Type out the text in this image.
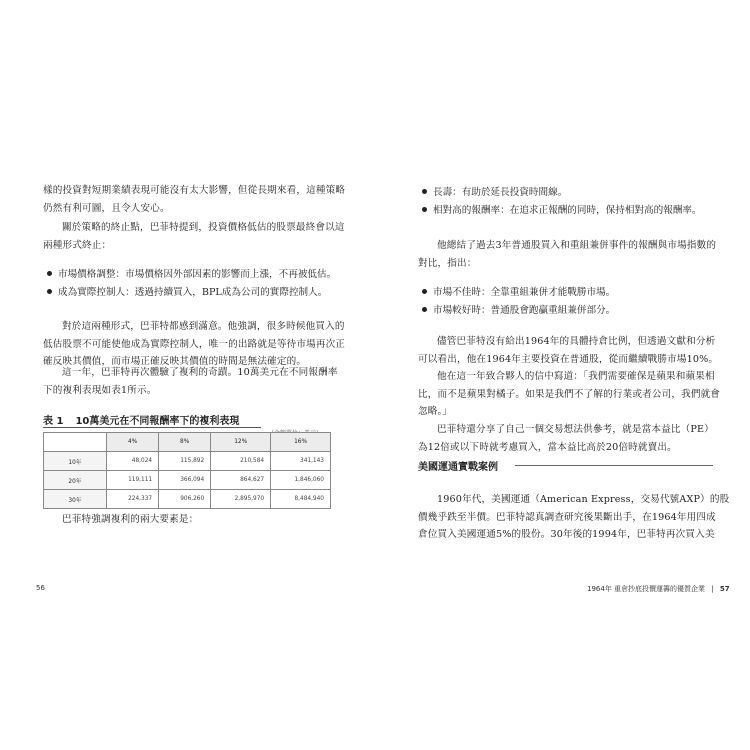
樣的投資對短期業績表現可能沒有太大影響，但從長期來看，這種策略
仍然有利可圖，且令人安心。

關於策略的終止點，巴菲特提到，投資價格低估的股票最終會以這
兩種形式終止：

市場價格調整：市場價格因外部因素的影響而上漲，不再被低估。
成為實際控制人：透過持續買入，BPL成為公司的實際控制人。

對於這兩種形式，巴菲特都感到滿意。他強調，很多時候他買入的
低估股票不可能使他成為實際控制人，唯一的出路就是等待市場再次正
確反映其價值，而市場正確反映其價值的時間是無法確定的。

這一年，巴菲特再次體驗了複利的奇蹟。10萬美元在不同報酬率
下的複利表現如表1所示。

表 1 10萬美元在不同報酬率下的複利表現
	4%	8%	12%	16%
10年	48,024	115,892	210,584	341,143
20年	119,111	366,094	864,627	1,846,060
30年	224,337	906,260	2,895,970	8,484,940

巴菲特強調複利的兩大要素是：

56
長壽：有助於延長投資時間線。
相對高的報酬率：在追求正報酬的同時，保持相對高的報酬率。

他總結了過去3年普通股買入和重組兼併事件的報酬與市場指數的
對比，指出：

市場不佳時：全靠重組兼併才能戰勝市場。
市場較好時：普通股會跑贏重組兼併部分。

儘管巴菲特沒有給出1964年的具體持倉比例，但透過文獻和分析
可以看出，他在1964年主要投資在普通股，從而繼續戰勝市場10%。

他在這一年致合夥人的信中寫道：「我們需要確保是蘋果和蘋果相
比，而不是蘋果對橘子。如果是我們不了解的行業或者公司，我們就會
忽略。」

巴菲特還分享了自己一個交易想法供參考，就是當本益比（PE）
為12倍或以下時就考慮買入，當本益比高於20倍時就賣出。

美國運通實戰案例

1960年代，美國運通（American Express，交易代號AXP）的股
價幾乎跌至半價。巴菲特認真調查研究後果斷出手，在1964年用四成
倉位買入美國運通5%的股份。30年後的1994年，巴菲特再次買入美

1964年 重倉抄底投價運籌的優質企業 | 57
